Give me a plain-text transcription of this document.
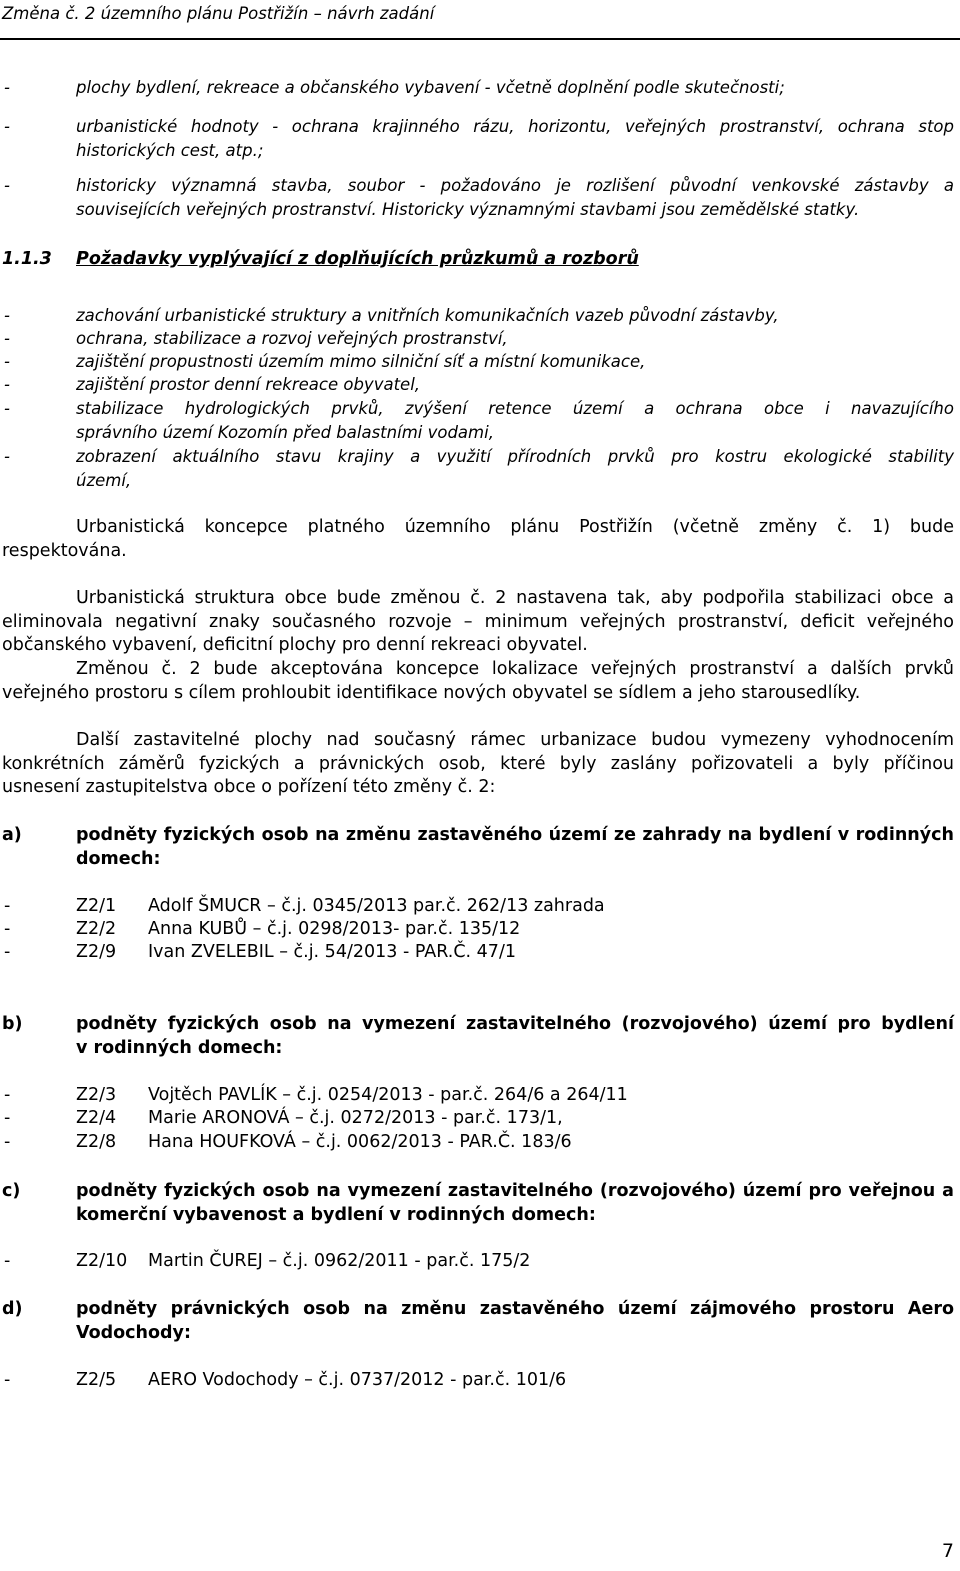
Změna č. 2 územního plánu Postřižín – návrh zadání
-	plochy bydlení, rekreace a občanského vybavení - včetně doplnění podle skutečnosti;
-	urbanistické hodnoty - ochrana krajinného rázu, horizontu, veřejných prostranství, ochrana stop
historických cest, atp.;
-	historicky významná stavba, soubor - požadováno je rozlišení původní venkovské zástavby a
souvisejících veřejných prostranství. Historicky významnými stavbami jsou zemědělské statky.
1.1.3 Požadavky vyplývající z doplňujících průzkumů a rozborů
-	zachování urbanistické struktury a vnitřních komunikačních vazeb původní zástavby,
-	ochrana, stabilizace a rozvoj veřejných prostranství,
-	zajištění propustnosti územím mimo silniční síť a místní komunikace,
-	zajištění prostor denní rekreace obyvatel,
-	stabilizace hydrologických prvků, zvýšení retence území a ochrana obce i navazujícího
správního území Kozomín před balastními vodami,
-	zobrazení aktuálního stavu krajiny a využití přírodních prvků pro kostru ekologické stability
území,
Urbanistická koncepce platného územního plánu Postřižín (včetně změny č. 1) bude
respektována.
Urbanistická struktura obce bude změnou č. 2 nastavena tak, aby podpořila stabilizaci obce a
eliminovala negativní znaky současného rozvoje – minimum veřejných prostranství, deficit veřejného
občanského vybavení, deficitní plochy pro denní rekreaci obyvatel.
Změnou č. 2 bude akceptována koncepce lokalizace veřejných prostranství a dalších prvků
veřejného prostoru s cílem prohloubit identifikace nových obyvatel se sídlem a jeho starousedlíky.
Další zastavitelné plochy nad současný rámec urbanizace budou vymezeny vyhodnocením
konkrétních záměrů fyzických a právnických osob, které byly zaslány pořizovateli a byly příčinou
usnesení zastupitelstva obce o pořízení této změny č. 2:
a)	podněty fyzických osob na změnu zastavěného území ze zahrady na bydlení v rodinných
domech:
-	Z2/1 Adolf ŠMUCR – č.j. 0345/2013 par.č. 262/13 zahrada
-	Z2/2 Anna KUBŮ – č.j. 0298/2013- par.č. 135/12
-	Z2/9 Ivan ZVELEBIL – č.j. 54/2013 - PAR.Č. 47/1
b)	podněty fyzických osob na vymezení zastavitelného (rozvojového) území pro bydlení
v rodinných domech:
-	Z2/3 Vojtěch PAVLÍK – č.j. 0254/2013 - par.č. 264/6 a 264/11
-	Z2/4 Marie ARONOVÁ – č.j. 0272/2013 - par.č. 173/1,
-	Z2/8 Hana HOUFKOVÁ – č.j. 0062/2013 - PAR.Č. 183/6
c)	podněty fyzických osob na vymezení zastavitelného (rozvojového) území pro veřejnou a
komerční vybavenost a bydlení v rodinných domech:
-	Z2/10 Martin ČUREJ – č.j. 0962/2011 - par.č. 175/2
d)	podněty právnických osob na změnu zastavěného území zájmového prostoru Aero
Vodochody:
-	Z2/5 AERO Vodochody – č.j. 0737/2012 - par.č. 101/6
7
